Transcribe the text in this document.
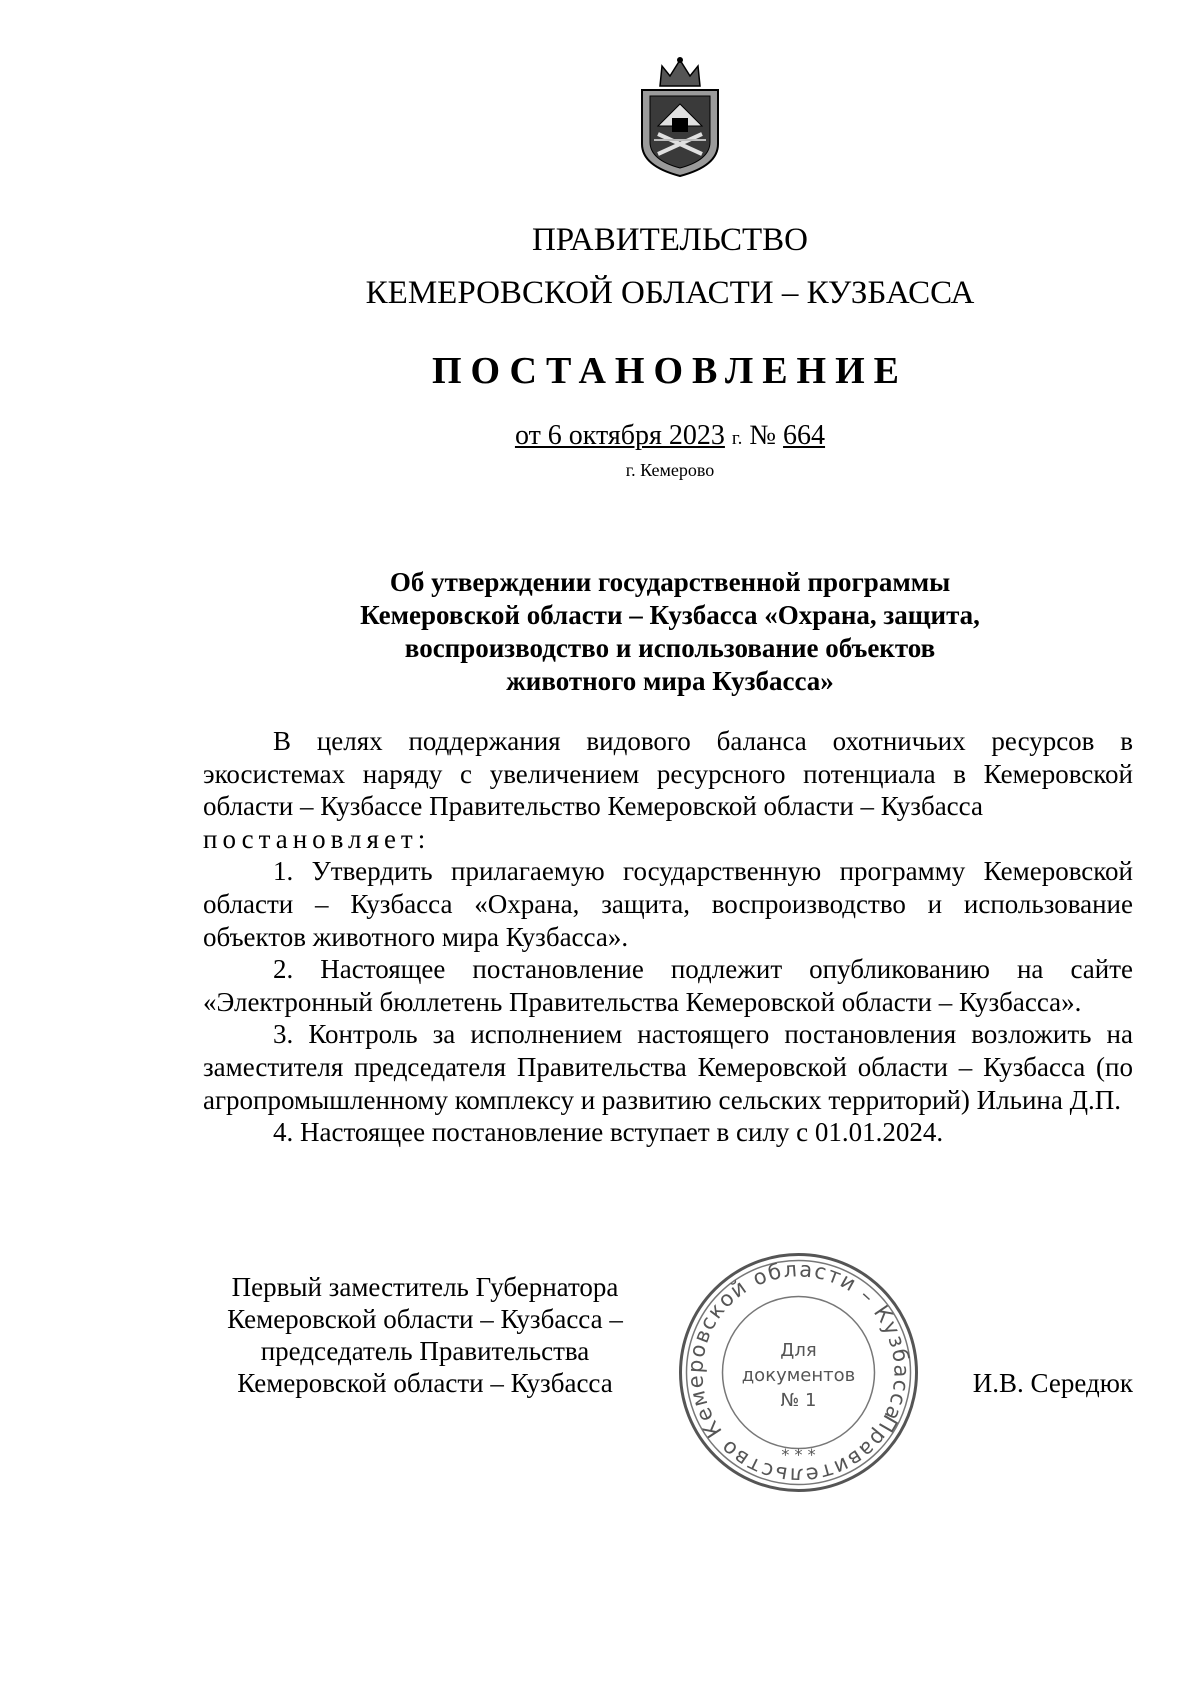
ПРАВИТЕЛЬСТВО
КЕМЕРОВСКОЙ ОБЛАСТИ – КУЗБАССА
ПОСТАНОВЛЕНИЕ
от 6 октября 2023 г. № 664
г. Кемерово
Об утверждении государственной программы
Кемеровской области – Кузбасса «Охрана, защита,
воспроизводство и использование объектов
животного мира Кузбасса»

В целях поддержания видового баланса охотничьих ресурсов в экосистемах наряду с увеличением ресурсного потенциала в Кемеровской области – Кузбассе Правительство Кемеровской области – Кузбасса

постановляет:

1. Утвердить прилагаемую государственную программу Кемеровской области – Кузбасса «Охрана, защита, воспроизводство и использование объектов животного мира Кузбасса».

2. Настоящее постановление подлежит опубликованию на сайте «Электронный бюллетень Правительства Кемеровской области – Кузбасса».

3. Контроль за исполнением настоящего постановления возложить на заместителя председателя Правительства Кемеровской области – Кузбасса (по агропромышленному комплексу и развитию сельских территорий) Ильина Д.П.

4. Настоящее постановление вступает в силу с 01.01.2024.

Первый заместитель Губернатора
Кемеровской области – Кузбасса –
председатель Правительства
Кемеровской области – Кузбасса
Правительство Кемеровской области – Кузбасса
Для
документов
№ 1
* * *
И.В. Середюк
